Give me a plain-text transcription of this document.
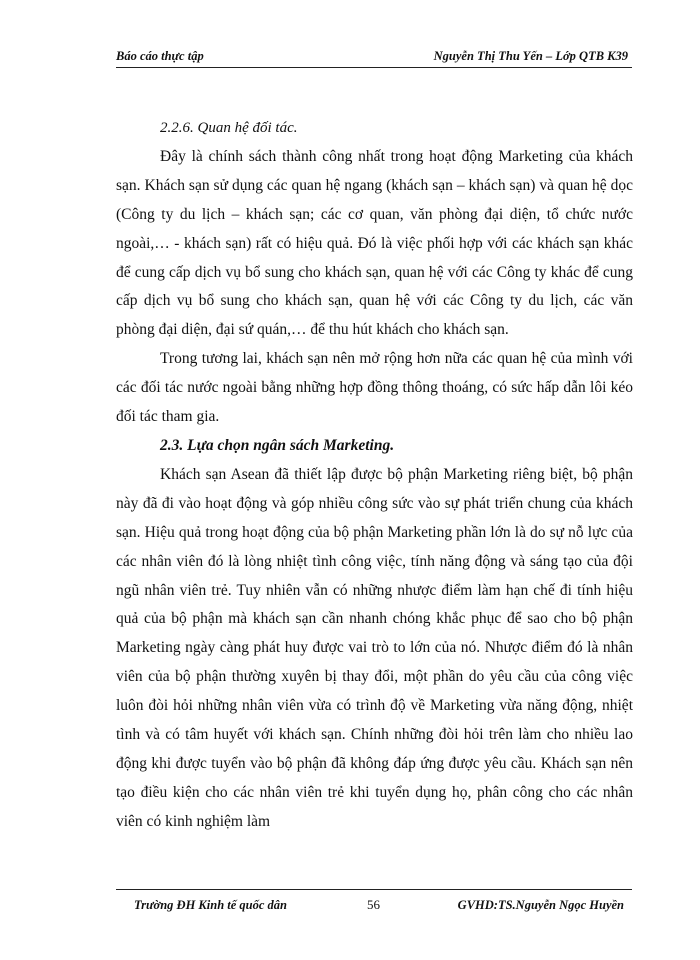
Báo cáo thực tập	Nguyễn Thị Thu Yến – Lớp QTB K39

2.2.6. Quan hệ đối tác.

Đây là chính sách thành công nhất trong hoạt động Marketing của khách sạn. Khách sạn sử dụng các quan hệ ngang (khách sạn – khách sạn) và quan hệ dọc (Công ty du lịch – khách sạn; các cơ quan, văn phòng đại diện, tổ chức nước ngoài,… - khách sạn) rất có hiệu quả. Đó là việc phối hợp với các khách sạn khác để cung cấp dịch vụ bổ sung cho khách sạn, quan hệ với các Công ty khác để cung cấp dịch vụ bổ sung cho khách sạn, quan hệ với các Công ty du lịch, các văn phòng đại diện, đại sứ quán,… để thu hút khách cho khách sạn.

Trong tương lai, khách sạn nên mở rộng hơn nữa các quan hệ của mình với các đối tác nước ngoài bằng những hợp đồng thông thoáng, có sức hấp dẫn lôi kéo đối tác tham gia.

2.3. Lựa chọn ngân sách Marketing.

Khách sạn Asean đã thiết lập được bộ phận Marketing riêng biệt, bộ phận này đã đi vào hoạt động và góp nhiều công sức vào sự phát triển chung của khách sạn. Hiệu quả trong hoạt động của bộ phận Marketing phần lớn là do sự nỗ lực của các nhân viên đó là lòng nhiệt tình công việc, tính năng động và sáng tạo của đội ngũ nhân viên trẻ. Tuy nhiên vẫn có những nhược điểm làm hạn chế đi tính hiệu quả của bộ phận mà khách sạn cần nhanh chóng khắc phục để sao cho bộ phận Marketing ngày càng phát huy được vai trò to lớn của nó. Nhược điểm đó là nhân viên của bộ phận thường xuyên bị thay đổi, một phần do yêu cầu của công việc luôn đòi hỏi những nhân viên vừa có trình độ về Marketing vừa năng động, nhiệt tình và có tâm huyết với khách sạn. Chính những đòi hỏi trên làm cho nhiều lao động khi được tuyển vào bộ phận đã không đáp ứng được yêu cầu. Khách sạn nên tạo điều kiện cho các nhân viên trẻ khi tuyển dụng họ, phân công cho các nhân viên có kinh nghiệm làm

Trường ĐH Kinh tế quốc dân	56	GVHD:TS.Nguyễn Ngọc Huyền
